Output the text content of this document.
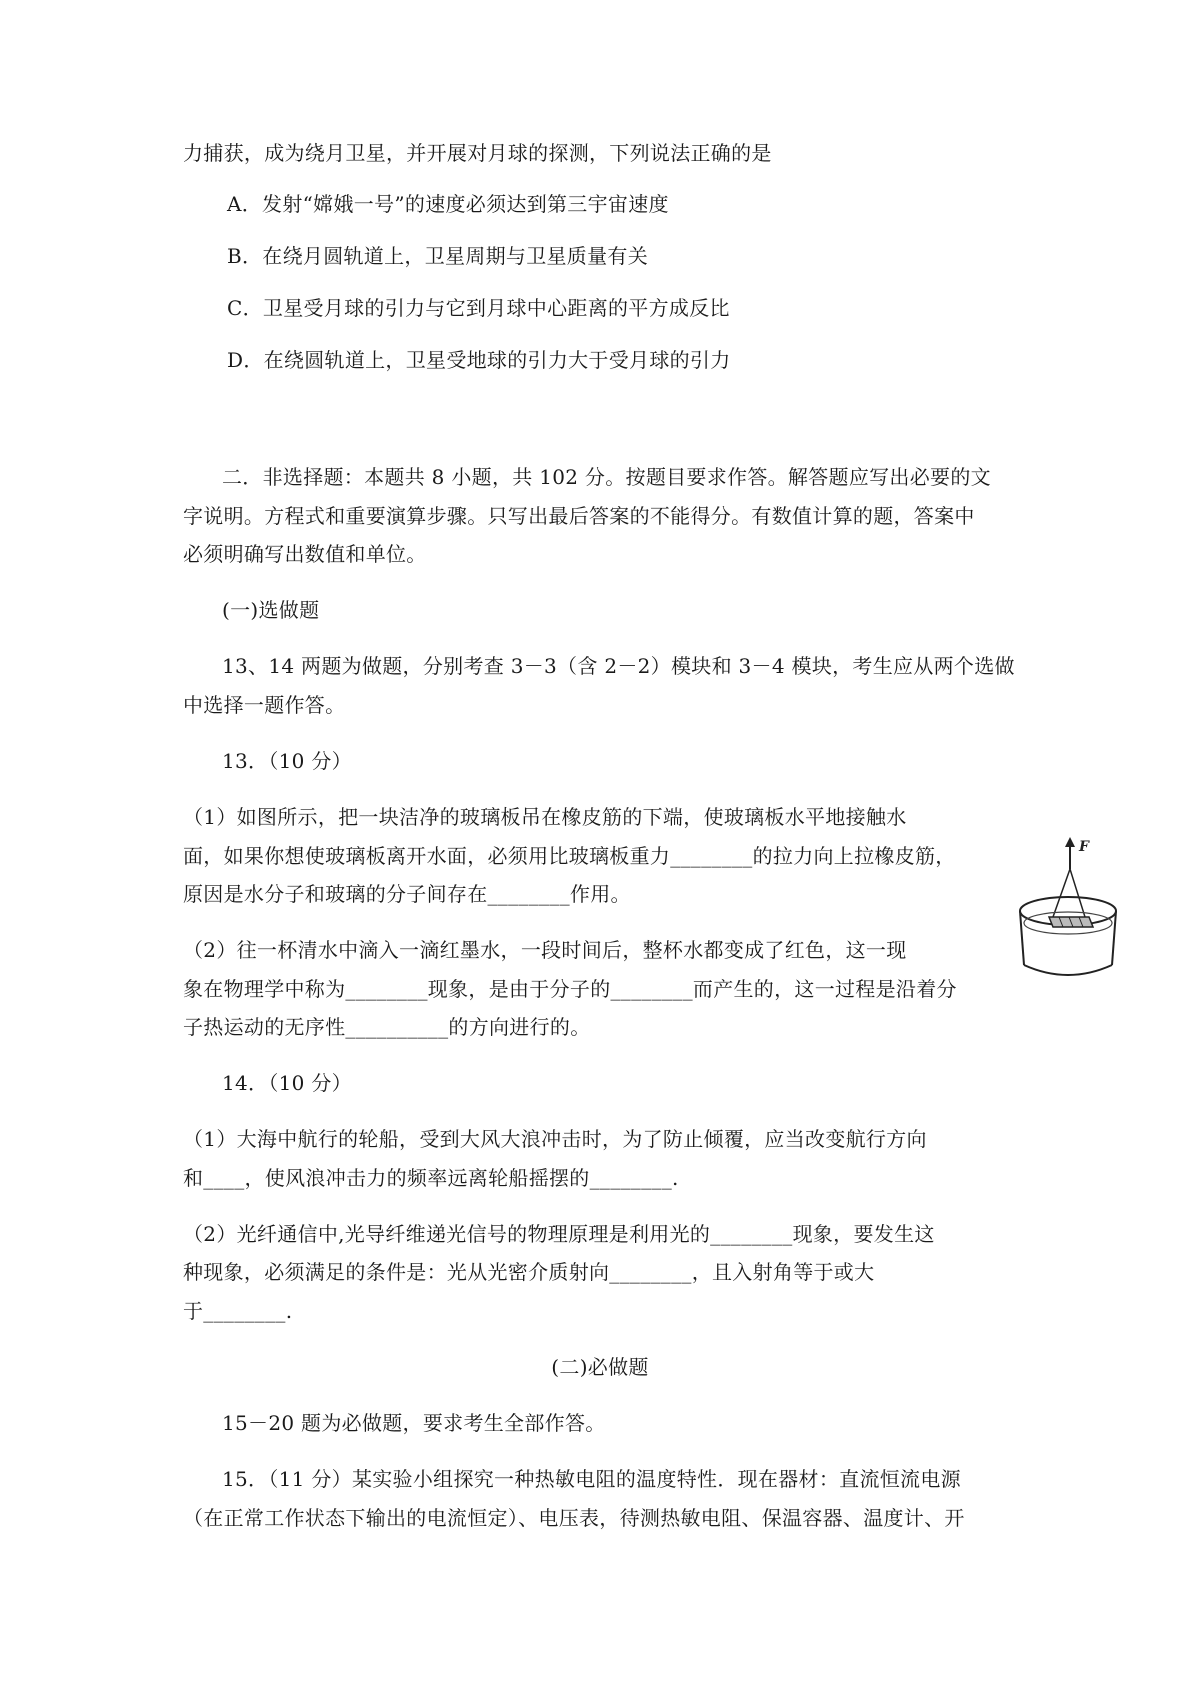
力捕获，成为绕月卫星，并开展对月球的探测，下列说法正确的是
A．发射“嫦娥一号”的速度必须达到第三宇宙速度
B．在绕月圆轨道上，卫星周期与卫星质量有关
C．卫星受月球的引力与它到月球中心距离的平方成反比
D．在绕圆轨道上，卫星受地球的引力大于受月球的引力
二．非选择题：本题共 8 小题，共 102 分。按题目要求作答。解答题应写出必要的文
字说明。方程式和重要演算步骤。只写出最后答案的不能得分。有数值计算的题，答案中
必须明确写出数值和单位。
(一)选做题
13、14 两题为做题，分别考查 3－3（含 2－2）模块和 3－4 模块，考生应从两个选做
中选择一题作答。
13．（10 分）
（1）如图所示，把一块洁净的玻璃板吊在橡皮筋的下端，使玻璃板水平地接触水
面，如果你想使玻璃板离开水面，必须用比玻璃板重力________的拉力向上拉橡皮筋，
原因是水分子和玻璃的分子间存在________作用。
（2）往一杯清水中滴入一滴红墨水，一段时间后，整杯水都变成了红色，这一现
象在物理学中称为________现象，是由于分子的________而产生的，这一过程是沿着分
子热运动的无序性__________的方向进行的。
F
14．（10 分）
（1）大海中航行的轮船，受到大风大浪冲击时，为了防止倾覆，应当改变航行方向
和____，使风浪冲击力的频率远离轮船摇摆的________.
（2）光纤通信中,光导纤维递光信号的物理原理是利用光的________现象，要发生这
种现象，必须满足的条件是：光从光密介质射向________，且入射角等于或大
于________.
(二)必做题
15－20 题为必做题，要求考生全部作答。
15．（11 分）某实验小组探究一种热敏电阻的温度特性．现在器材：直流恒流电源
（在正常工作状态下输出的电流恒定）、电压表，待测热敏电阻、保温容器、温度计、开
